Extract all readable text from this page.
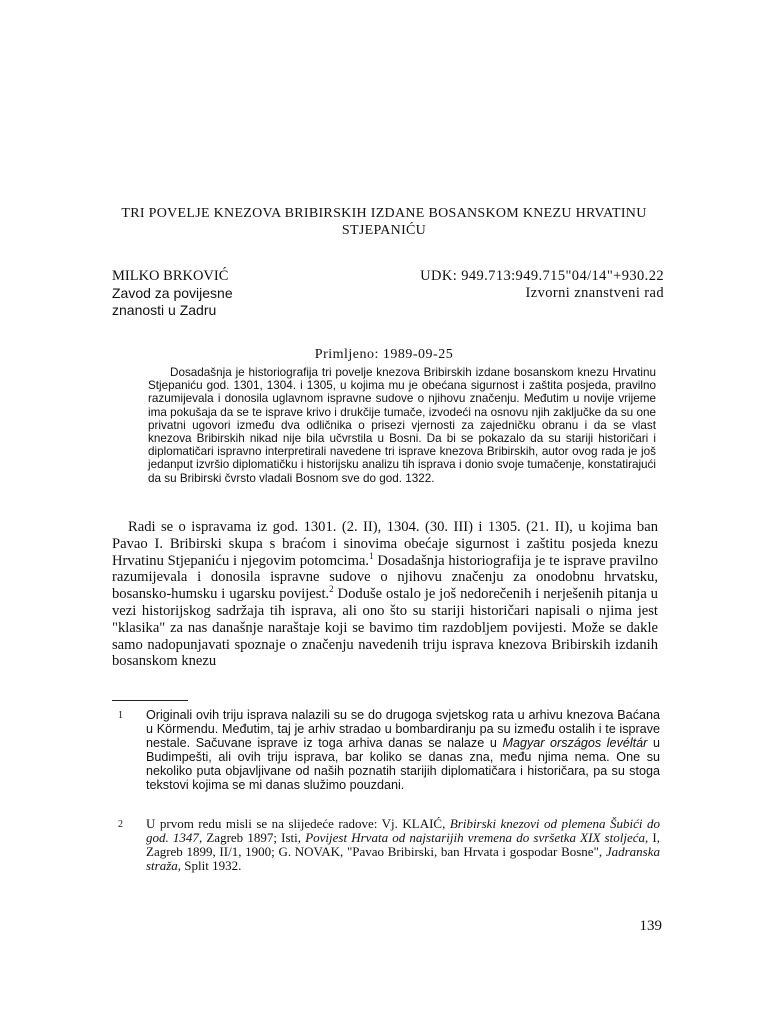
TRI POVELJE KNEZOVA BRIBIRSKIH IZDANE BOSANSKOM KNEZU HRVATINU STJEPANIĆU
MILKO BRKOVIĆ
Zavod za povijesne
znanosti u Zadru
UDK: 949.713:949.715"04/14"+930.22
Izvorni znanstveni rad
Primljeno: 1989-09-25

Dosadašnja je historiografija tri povelje knezova Bribirskih izdane bosanskom knezu Hrvatinu Stjepaniću god. 1301, 1304. i 1305, u kojima mu je obećana sigurnost i zaštita posjeda, pravilno razumijevala i donosila uglavnom ispravne sudove o njihovu značenju. Međutim u novije vrijeme ima pokušaja da se te isprave krivo i drukčije tumače, izvodeći na osnovu njih zaključke da su one privatni ugovori između dva odličnika o prisezi vjernosti za zajedničku obranu i da se vlast knezova Bribirskih nikad nije bila učvrstila u Bosni. Da bi se pokazalo da su stariji historičari i diplomatičari ispravno interpretirali navedene tri isprave knezova Bribirskih, autor ovog rada je još jedanput izvršio diplomatičku i historijsku analizu tih isprava i donio svoje tumačenje, konstatirajući da su Bribirski čvrsto vladali Bosnom sve do god. 1322.

Radi se o ispravama iz god. 1301. (2. II), 1304. (30. III) i 1305. (21. II), u kojima ban Pavao I. Bribirski skupa s braćom i sinovima obećaje sigurnost i zaštitu posjeda knezu Hrvatinu Stjepaniću i njegovim potomcima.$^1$ Dosadašnja historiografija je te isprave pravilno razumijevala i donosila ispravne sudove o njihovu značenju za onodobnu hrvatsku, bosansko-humsku i ugarsku povijest.$^2$ Doduše ostalo je još nedorečenih i nerješenih pitanja u vezi historijskog sadržaja tih isprava, ali ono što su stariji historičari napisali o njima jest "klasika" za nas današnje naraštaje koji se bavimo tim razdobljem povijesti. Može se dakle samo nadopunjavati spoznaje o značenju navedenih triju isprava knezova Bribirskih izdanih bosanskom knezu

1 Originali ovih triju isprava nalazili su se do drugoga svjetskog rata u arhivu knezova Baćana u Körmendu. Međutim, taj je arhiv stradao u bombardiranju pa su između ostalih i te isprave nestale. Sačuvane isprave iz toga arhiva danas se nalaze u Magyar országos levéltár u Budimpešti, ali ovih triju isprava, bar koliko se danas zna, među njima nema. One su nekoliko puta objavljivane od naših poznatih starijih diplomatičara i historičara, pa su stoga tekstovi kojima se mi danas služimo pouzdani.

2 U prvom redu misli se na slijedeće radove: Vj. KLAIĆ, Bribirski knezovi od plemena Šubići do god. 1347, Zagreb 1897; Isti, Povijest Hrvata od najstarijih vremena do svršetka XIX stoljeća, I, Zagreb 1899, II/1, 1900; G. NOVAK, "Pavao Bribirski, ban Hrvata i gospodar Bosne", Jadranska straža, Split 1932.

139
